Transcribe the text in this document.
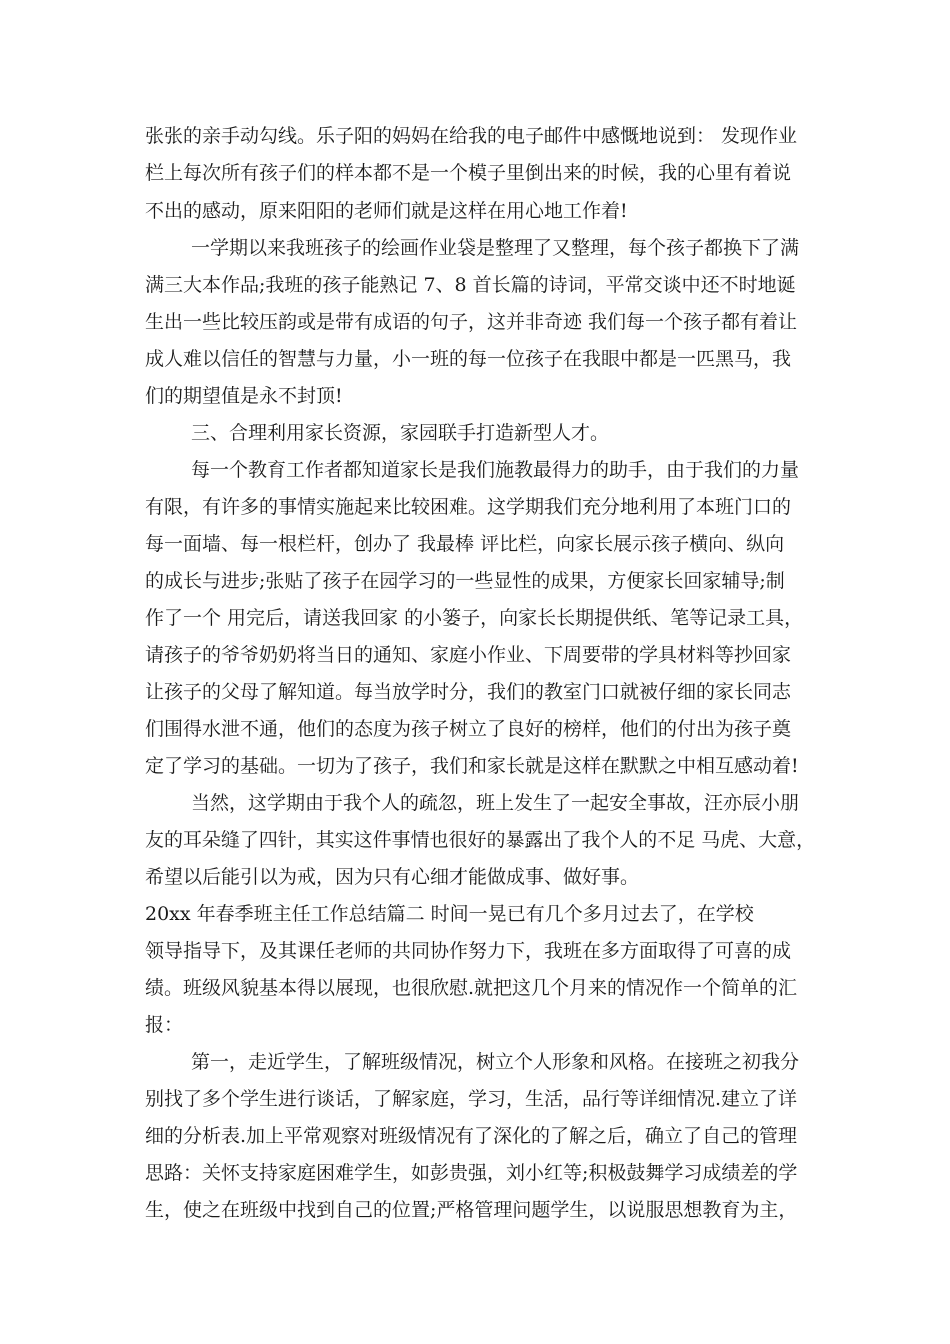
张张的亲手动勾线。乐子阳的妈妈在给我的电子邮件中感慨地说到： 发现作业
栏上每次所有孩子们的样本都不是一个模子里倒出来的时候，我的心里有着说
不出的感动，原来阳阳的老师们就是这样在用心地工作着!
一学期以来我班孩子的绘画作业袋是整理了又整理，每个孩子都换下了满
满三大本作品;我班的孩子能熟记 7、8 首长篇的诗词，平常交谈中还不时地诞
生出一些比较压韵或是带有成语的句子，这并非奇迹 我们每一个孩子都有着让
成人难以信任的智慧与力量，小一班的每一位孩子在我眼中都是一匹黑马，我
们的期望值是永不封顶!
三、合理利用家长资源，家园联手打造新型人才。
每一个教育工作者都知道家长是我们施教最得力的助手，由于我们的力量
有限，有许多的事情实施起来比较困难。这学期我们充分地利用了本班门口的
每一面墙、每一根栏杆，创办了 我最棒 评比栏，向家长展示孩子横向、纵向
的成长与进步;张贴了孩子在园学习的一些显性的成果，方便家长回家辅导;制
作了一个 用完后，请送我回家 的小篓子，向家长长期提供纸、笔等记录工具，
请孩子的爷爷奶奶将当日的通知、家庭小作业、下周要带的学具材料等抄回家
让孩子的父母了解知道。每当放学时分，我们的教室门口就被仔细的家长同志
们围得水泄不通，他们的态度为孩子树立了良好的榜样，他们的付出为孩子奠
定了学习的基础。一切为了孩子，我们和家长就是这样在默默之中相互感动着!
当然，这学期由于我个人的疏忽，班上发生了一起安全事故，汪亦辰小朋
友的耳朵缝了四针，其实这件事情也很好的暴露出了我个人的不足 马虎、大意，
希望以后能引以为戒，因为只有心细才能做成事、做好事。
20xx 年春季班主任工作总结篇二 时间一晃已有几个多月过去了，在学校
领导指导下，及其课任老师的共同协作努力下，我班在多方面取得了可喜的成
绩。班级风貌基本得以展现，也很欣慰.就把这几个月来的情况作一个简单的汇
报：
第一，走近学生，了解班级情况，树立个人形象和风格。在接班之初我分
别找了多个学生进行谈话，了解家庭，学习，生活，品行等详细情况.建立了详
细的分析表.加上平常观察对班级情况有了深化的了解之后，确立了自己的管理
思路：关怀支持家庭困难学生，如彭贵强，刘小红等;积极鼓舞学习成绩差的学
生，使之在班级中找到自己的位置;严格管理问题学生，以说服思想教育为主，
